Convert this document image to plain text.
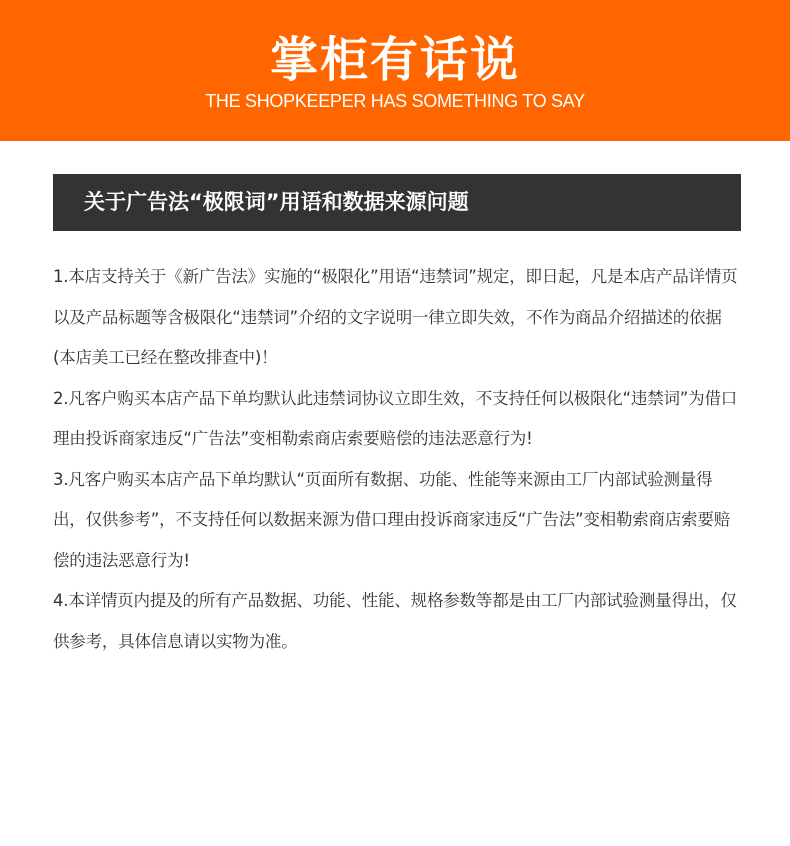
掌柜有话说
THE SHOPKEEPER HAS SOMETHING TO SAY
关于广告法“极限词”用语和数据来源问题

1.本店支持关于《新广告法》实施的“极限化”用语“违禁词”规定，即日起，凡是本店产品详情页以及产品标题等含极限化“违禁词”介绍的文字说明一律立即失效，不作为商品介绍描述的依据(本店美工已经在整改排查中)！

2.凡客户购买本店产品下单均默认此违禁词协议立即生效，不支持任何以极限化“违禁词”为借口理由投诉商家违反“广告法”变相勒索商店索要赔偿的违法恶意行为!

3.凡客户购买本店产品下单均默认“页面所有数据、功能、性能等来源由工厂内部试验测量得出，仅供参考”，不支持任何以数据来源为借口理由投诉商家违反“广告法”变相勒索商店索要赔偿的违法恶意行为!

4.本详情页内提及的所有产品数据、功能、性能、规格参数等都是由工厂内部试验测量得出，仅供参考，具体信息请以实物为准。
